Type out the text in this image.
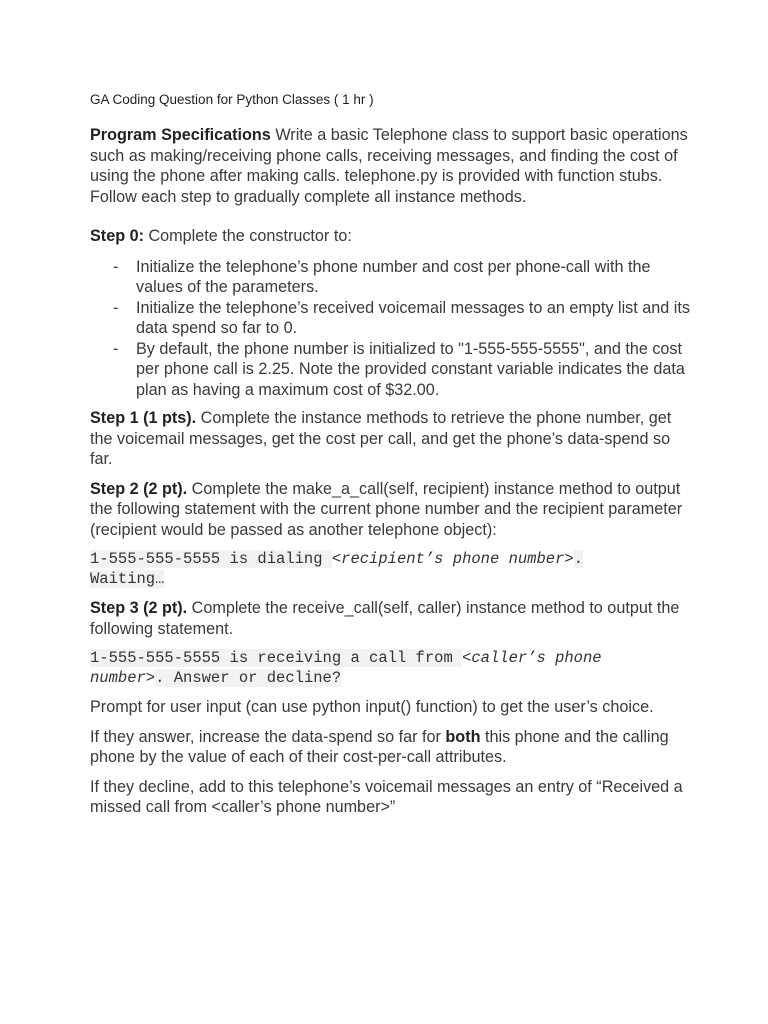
GA Coding Question for Python Classes ( 1 hr )

Program Specifications Write a basic Telephone class to support basic operations such as making/receiving phone calls, receiving messages, and finding the cost of using the phone after making calls. telephone.py is provided with function stubs. Follow each step to gradually complete all instance methods.

Step 0: Complete the constructor to:

- Initialize the telephone’s phone number and cost per phone-call with the values of the parameters.
- Initialize the telephone’s received voicemail messages to an empty list and its data spend so far to 0.
- By default, the phone number is initialized to "1-555-555-5555", and the cost per phone call is 2.25. Note the provided constant variable indicates the data plan as having a maximum cost of $32.00.

Step 1 (1 pts). Complete the instance methods to retrieve the phone number, get the voicemail messages, get the cost per call, and get the phone’s data-spend so far.

Step 2 (2 pt). Complete the make_a_call(self, recipient) instance method to output the following statement with the current phone number and the recipient parameter (recipient would be passed as another telephone object):

1-555-555-5555 is dialing <recipient’s phone number>.
Waiting…

Step 3 (2 pt). Complete the receive_call(self, caller) instance method to output the following statement.

1-555-555-5555 is receiving a call from <caller’s phone
number>. Answer or decline?

Prompt for user input (can use python input() function) to get the user’s choice.

If they answer, increase the data-spend so far for both this phone and the calling phone by the value of each of their cost-per-call attributes.

If they decline, add to this telephone’s voicemail messages an entry of “Received a missed call from <caller’s phone number>”
